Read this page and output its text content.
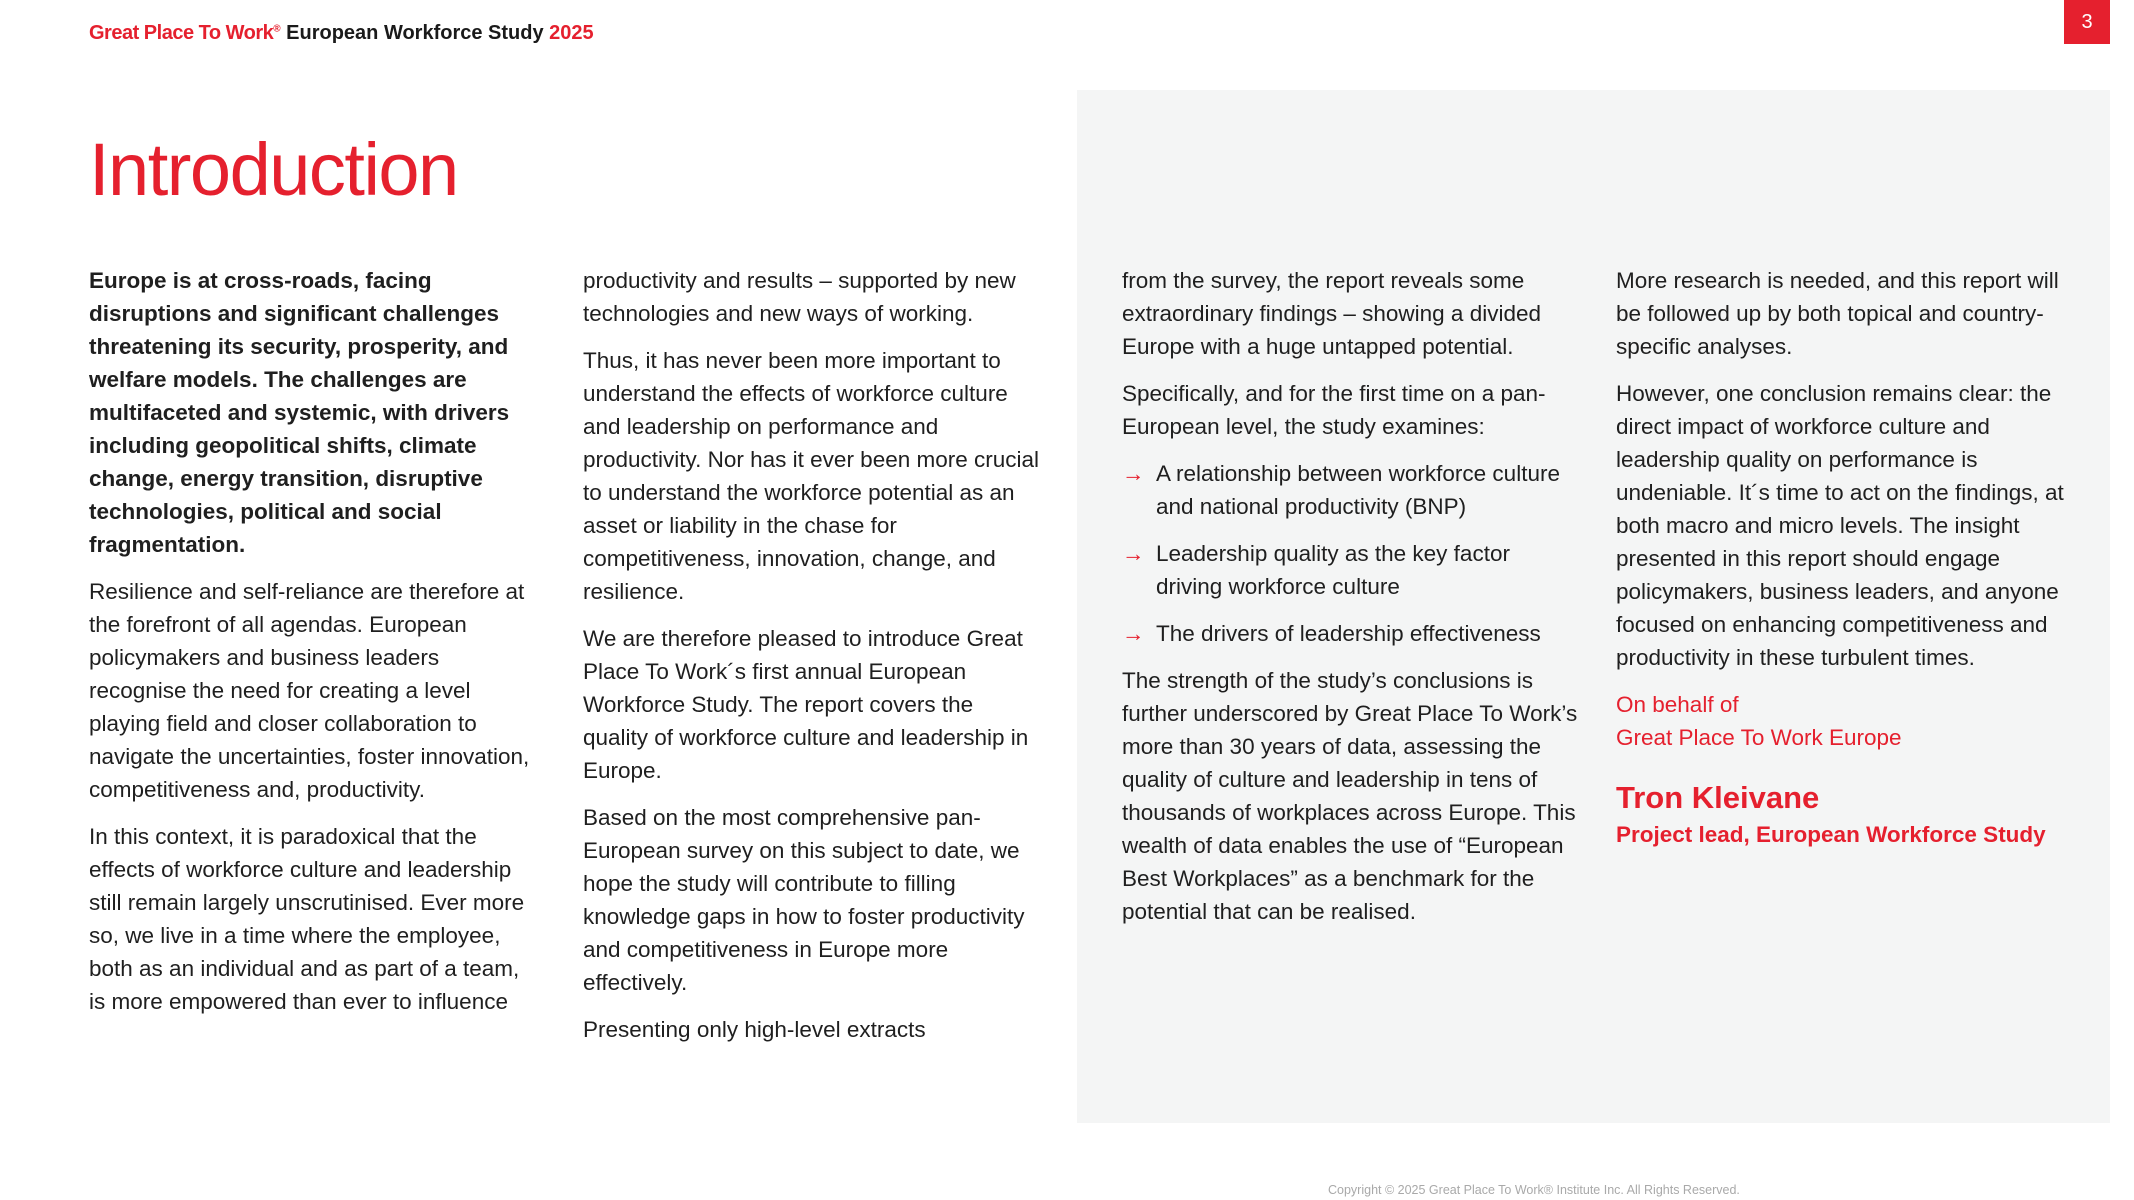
Great Place To Work® European Workforce Study 2025	3
Introduction

Europe is at cross-roads, facing disruptions and significant challenges threatening its security, prosperity, and welfare models. The challenges are multifaceted and systemic, with drivers including geopolitical shifts, climate change, energy transition, disruptive technologies, political and social fragmentation.

Resilience and self-reliance are therefore at the forefront of all agendas. European policymakers and business leaders recognise the need for creating a level playing field and closer collaboration to navigate the uncertainties, foster innovation, competitiveness and, productivity.

In this context, it is paradoxical that the effects of workforce culture and leadership still remain largely unscrutinised. Ever more so, we live in a time where the employee, both as an individual and as part of a team, is more empowered than ever to influence

productivity and results – supported by new technologies and new ways of working.

Thus, it has never been more important to understand the effects of workforce culture and leadership on performance and productivity. Nor has it ever been more crucial to understand the workforce potential as an asset or liability in the chase for competitiveness, innovation, change, and resilience.

We are therefore pleased to introduce Great Place To Work´s first annual European Workforce Study. The report covers the quality of workforce culture and leadership in Europe.

Based on the most comprehensive pan-European survey on this subject to date, we hope the study will contribute to filling knowledge gaps in how to foster productivity and competitiveness in Europe more effectively.

Presenting only high-level extracts

from the survey, the report reveals some extraordinary findings – showing a divided Europe with a huge untapped potential.

Specifically, and for the first time on a pan-European level, the study examines:

→ A relationship between workforce culture and national productivity (BNP)
→ Leadership quality as the key factor driving workforce culture
→ The drivers of leadership effectiveness

The strength of the study’s conclusions is further underscored by Great Place To Work’s more than 30 years of data, assessing the quality of culture and leadership in tens of thousands of workplaces across Europe. This wealth of data enables the use of “European Best Workplaces” as a benchmark for the potential that can be realised.

More research is needed, and this report will be followed up by both topical and country-specific analyses.

However, one conclusion remains clear: the direct impact of workforce culture and leadership quality on performance is undeniable. It´s time to act on the findings, at both macro and micro levels. The insight presented in this report should engage policymakers, business leaders, and anyone focused on enhancing competitiveness and productivity in these turbulent times.

On behalf of
Great Place To Work Europe
Tron Kleivane
Project lead, European Workforce Study
Copyright © 2025 Great Place To Work® Institute Inc. All Rights Reserved.
